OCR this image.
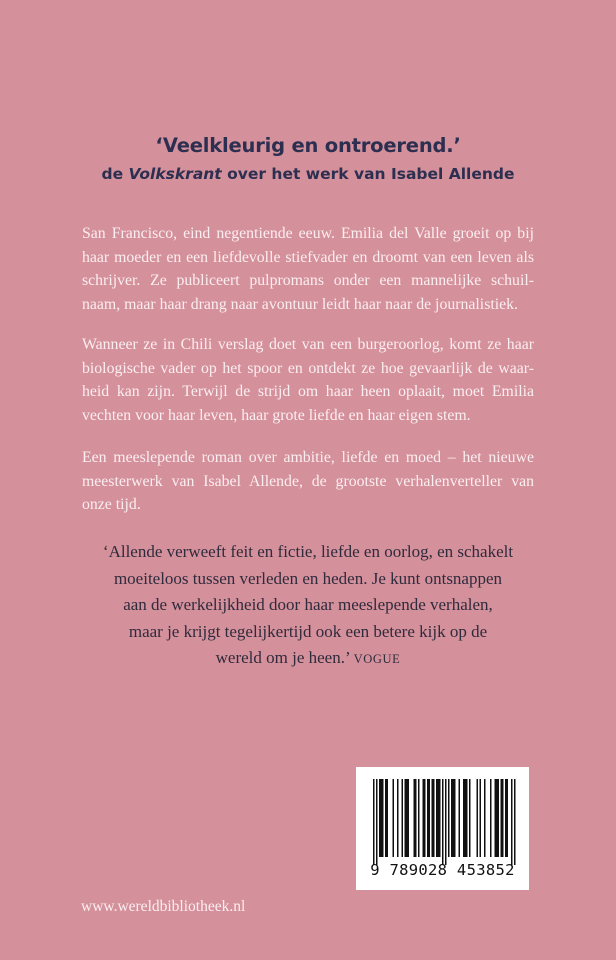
‘Veelkleurig en ontroerend.’
de Volkskrant over het werk van Isabel Allende

San Francisco, eind negentiende eeuw. Emilia del Valle groeit op bij
haar moeder en een liefdevolle stiefvader en droomt van een leven als
schrijver. Ze publiceert pulpromans onder een mannelijke schuil-
naam, maar haar drang naar avontuur leidt haar naar de journalistiek.

Wanneer ze in Chili verslag doet van een burgeroorlog, komt ze haar
biologische vader op het spoor en ontdekt ze hoe gevaarlijk de waar-
heid kan zijn. Terwijl de strijd om haar heen oplaait, moet Emilia
vechten voor haar leven, haar grote liefde en haar eigen stem.

Een meeslepende roman over ambitie, liefde en moed – het nieuwe
meesterwerk van Isabel Allende, de grootste verhalenverteller van
onze tijd.

‘Allende verweeft feit en fictie, liefde en oorlog, en schakelt
moeiteloos tussen verleden en heden. Je kunt ontsnappen
aan de werkelijkheid door haar meeslepende verhalen,
maar je krijgt tegelijkertijd ook een betere kijk op de
wereld om je heen.’ VOGUE
9 789028 453852
www.wereldbibliotheek.nl
